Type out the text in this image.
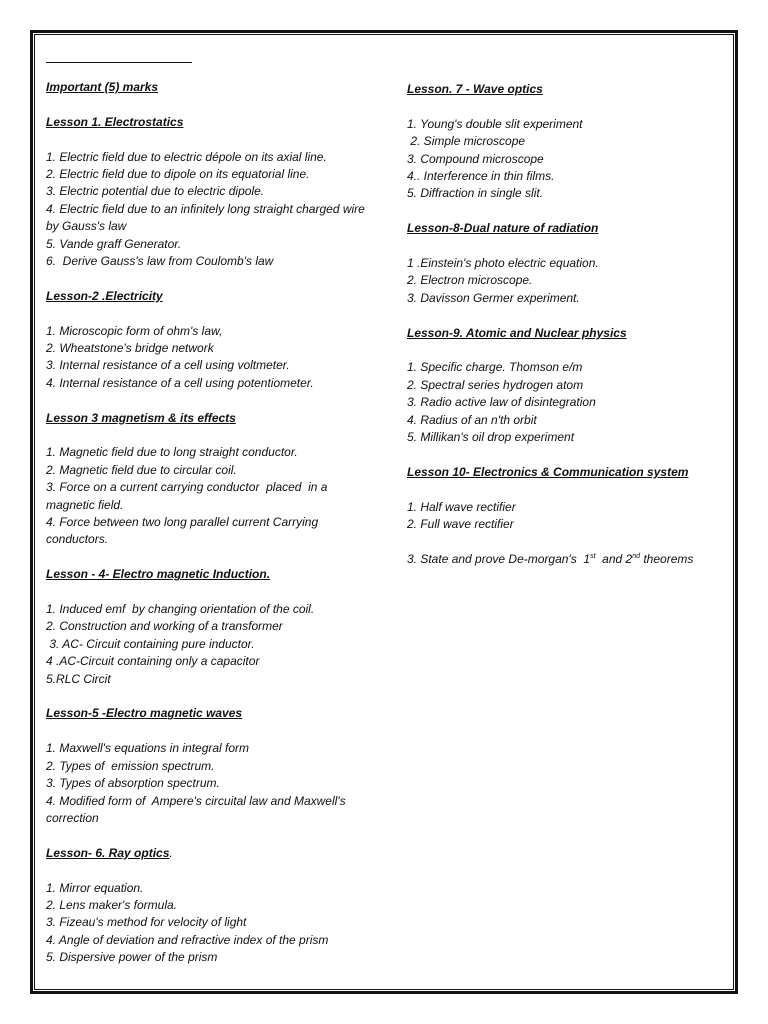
Important (5) marks

Lesson 1. Electrostatics

1. Electric field due to electric dépole on its axial line.

2. Electric field due to dipole on its equatorial line.

3. Electric potential due to electric dipole.

4. Electric field due to an infinitely long straight charged wire by Gauss's law

5. Vande graff Generator.

6.  Derive Gauss's law from Coulomb's law

Lesson-2 .Electricity

1. Microscopic form of ohm's law,

2. Wheatstone's bridge network

3. Internal resistance of a cell using voltmeter.

4. Internal resistance of a cell using potentiometer.

Lesson 3 magnetism & its effects

1. Magnetic field due to long straight conductor.

2. Magnetic field due to circular coil.

3. Force on a current carrying conductor  placed  in a magnetic field.

4. Force between two long parallel current Carrying conductors.

Lesson - 4- Electro magnetic Induction.

1. Induced emf  by changing orientation of the coil.

2. Construction and working of a transformer

3. AC- Circuit containing pure inductor.

4 .AC-Circuit containing only a capacitor

5.RLC Circit

Lesson-5 -Electro magnetic waves

1. Maxwell's equations in integral form

2. Types of  emission spectrum.

3. Types of absorption spectrum.

4. Modified form of  Ampere's circuital law and Maxwell's correction

Lesson- 6. Ray optics.

1. Mirror equation.

2. Lens maker's formula.

3. Fizeau's method for velocity of light

4. Angle of deviation and refractive index of the prism

5. Dispersive power of the prism

Lesson. 7 - Wave optics

1. Young's double slit experiment

2. Simple microscope

3. Compound microscope

4.. Interference in thin films.

5. Diffraction in single slit.

Lesson-8-Dual nature of radiation

1 .Einstein's photo electric equation.

2. Electron microscope.

3. Davisson Germer experiment.

Lesson-9. Atomic and Nuclear physics

1. Specific charge. Thomson e/m

2. Spectral series hydrogen atom

3. Radio active law of disintegration

4. Radius of an n'th orbit

5. Millikan's oil drop experiment

Lesson 10- Electronics & Communication system

1. Half wave rectifier

2. Full wave rectifier

3. State and prove De-morgan's  1st  and 2nd theorems
